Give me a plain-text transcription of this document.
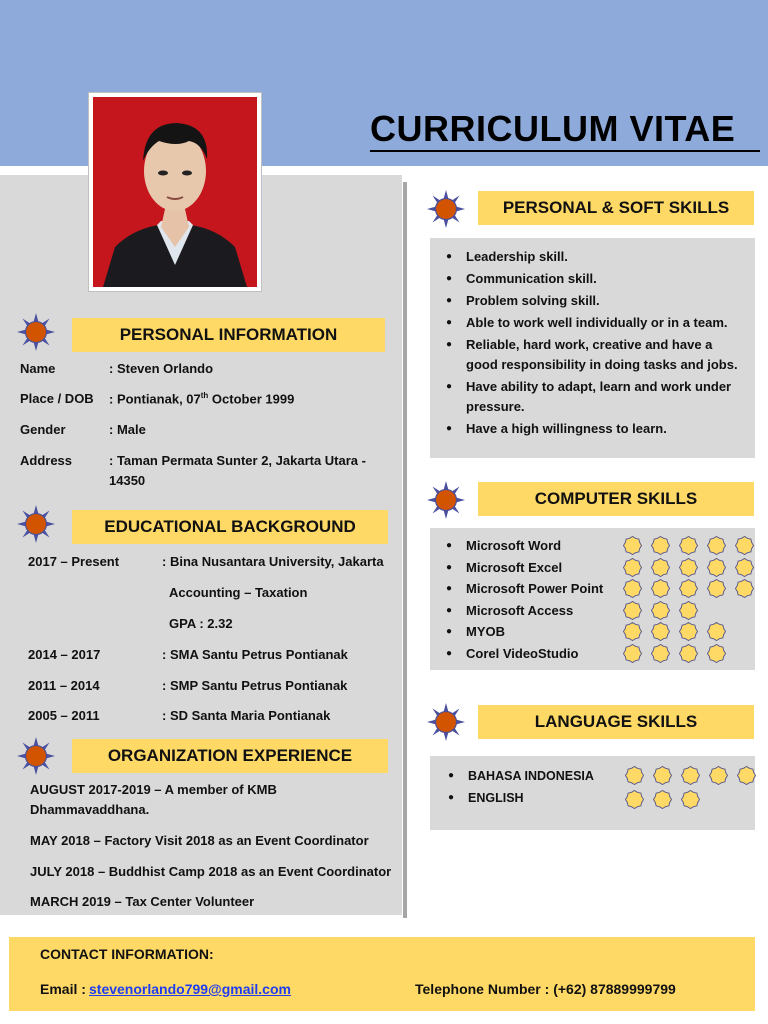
CURRICULUM VITAE
PERSONAL INFORMATION
Name	: Steven Orlando
Place / DOB : Pontianak, 07th October 1999
Gender	: Male
Address	: Taman Permata Sunter 2, Jakarta Utara -
14350
EDUCATIONAL BACKGROUND
2017 – Present	: Bina Nusantara University, Jakarta
Accounting – Taxation
GPA : 2.32
2014 – 2017	: SMA Santu Petrus Pontianak
2011 – 2014	: SMP Santu Petrus Pontianak
2005 – 2011	: SD Santa Maria Pontianak
ORGANIZATION EXPERIENCE
AUGUST 2017-2019 – A member of KMB
Dhammavaddhana.
MAY 2018 – Factory Visit 2018 as an Event Coordinator
JULY 2018 – Buddhist Camp 2018 as an Event Coordinator
MARCH 2019 – Tax Center Volunteer
PERSONAL & SOFT SKILLS
● Leadership skill.
● Communication skill.
● Problem solving skill.
● Able to work well individually or in a team.
● Reliable, hard work, creative and have a
good responsibility in doing tasks and jobs.
● Have ability to adapt, learn and work under
pressure.
● Have a high willingness to learn.
COMPUTER SKILLS
● Microsoft Word
● Microsoft Excel
● Microsoft Power Point
● Microsoft Access
● MYOB
● Corel VideoStudio
LANGUAGE SKILLS
● BAHASA INDONESIA
● ENGLISH
CONTACT INFORMATION:
Email : stevenorlando799@gmail.com	Telephone Number : (+62) 87889999799
